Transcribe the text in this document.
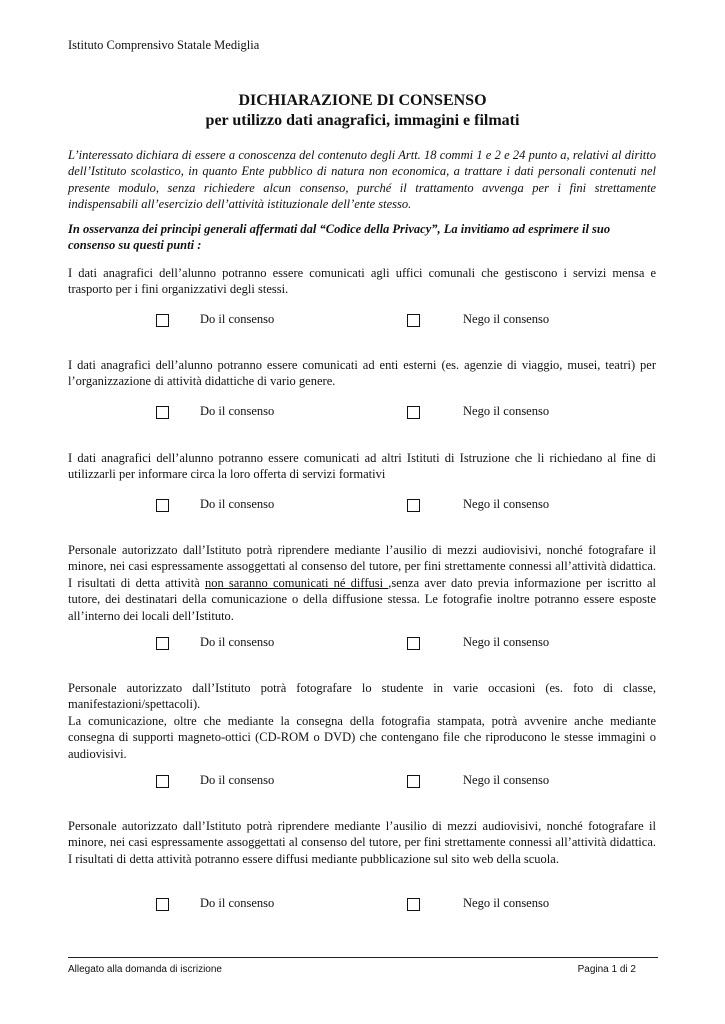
Istituto Comprensivo Statale Mediglia
DICHIARAZIONE DI CONSENSO
per utilizzo dati anagrafici, immagini e filmati
L’interessato dichiara di essere a conoscenza del contenuto degli Artt. 18 commi 1 e 2 e 24 punto a, relativi al diritto dell’Istituto scolastico, in quanto Ente pubblico di natura non economica, a trattare i dati personali contenuti nel presente modulo, senza richiedere alcun consenso, purché il trattamento avvenga per i fini strettamente indispensabili all’esercizio dell’attività istituzionale dell’ente stesso.
In osservanza dei principi generali affermati dal “Codice della Privacy”, La invitiamo ad esprimere il suo consenso su questi punti :
I dati anagrafici dell’alunno potranno essere comunicati agli uffici comunali che gestiscono i servizi mensa e trasporto per i fini organizzativi degli stessi.
Do il consenso	Nego il consenso
I dati anagrafici dell’alunno potranno essere comunicati ad enti esterni (es. agenzie di viaggio, musei, teatri) per l’organizzazione di attività didattiche di vario genere.
Do il consenso	Nego il consenso
I dati anagrafici dell’alunno potranno essere comunicati ad altri Istituti di Istruzione che li richiedano al fine di utilizzarli per informare circa la loro offerta di servizi formativi
Do il consenso	Nego il consenso
Personale autorizzato dall’Istituto potrà riprendere mediante l’ausilio di mezzi audiovisivi, nonché fotografare il minore, nei casi espressamente assoggettati al consenso del tutore, per fini strettamente connessi all’attività didattica. I risultati di detta attività non saranno comunicati né diffusi ,senza aver dato previa informazione per iscritto al tutore, dei destinatari della comunicazione o della diffusione stessa. Le fotografie inoltre potranno essere esposte all’interno dei locali dell’Istituto.
Do il consenso	Nego il consenso
Personale autorizzato dall’Istituto potrà fotografare lo studente in varie occasioni (es. foto di classe, manifestazioni/spettacoli).
La comunicazione, oltre che mediante la consegna della fotografia stampata, potrà avvenire anche mediante consegna di supporti magneto-ottici (CD-ROM o DVD) che contengano file che riproducono le stesse immagini o audiovisivi.
Do il consenso	Nego il consenso
Personale autorizzato dall’Istituto potrà riprendere mediante l’ausilio di mezzi audiovisivi, nonché fotografare il minore, nei casi espressamente assoggettati al consenso del tutore, per fini strettamente connessi all’attività didattica. I risultati di detta attività potranno essere diffusi mediante pubblicazione sul sito web della scuola.
Do il consenso	Nego il consenso
Allegato alla domanda di iscrizione	Pagina 1 di 2
